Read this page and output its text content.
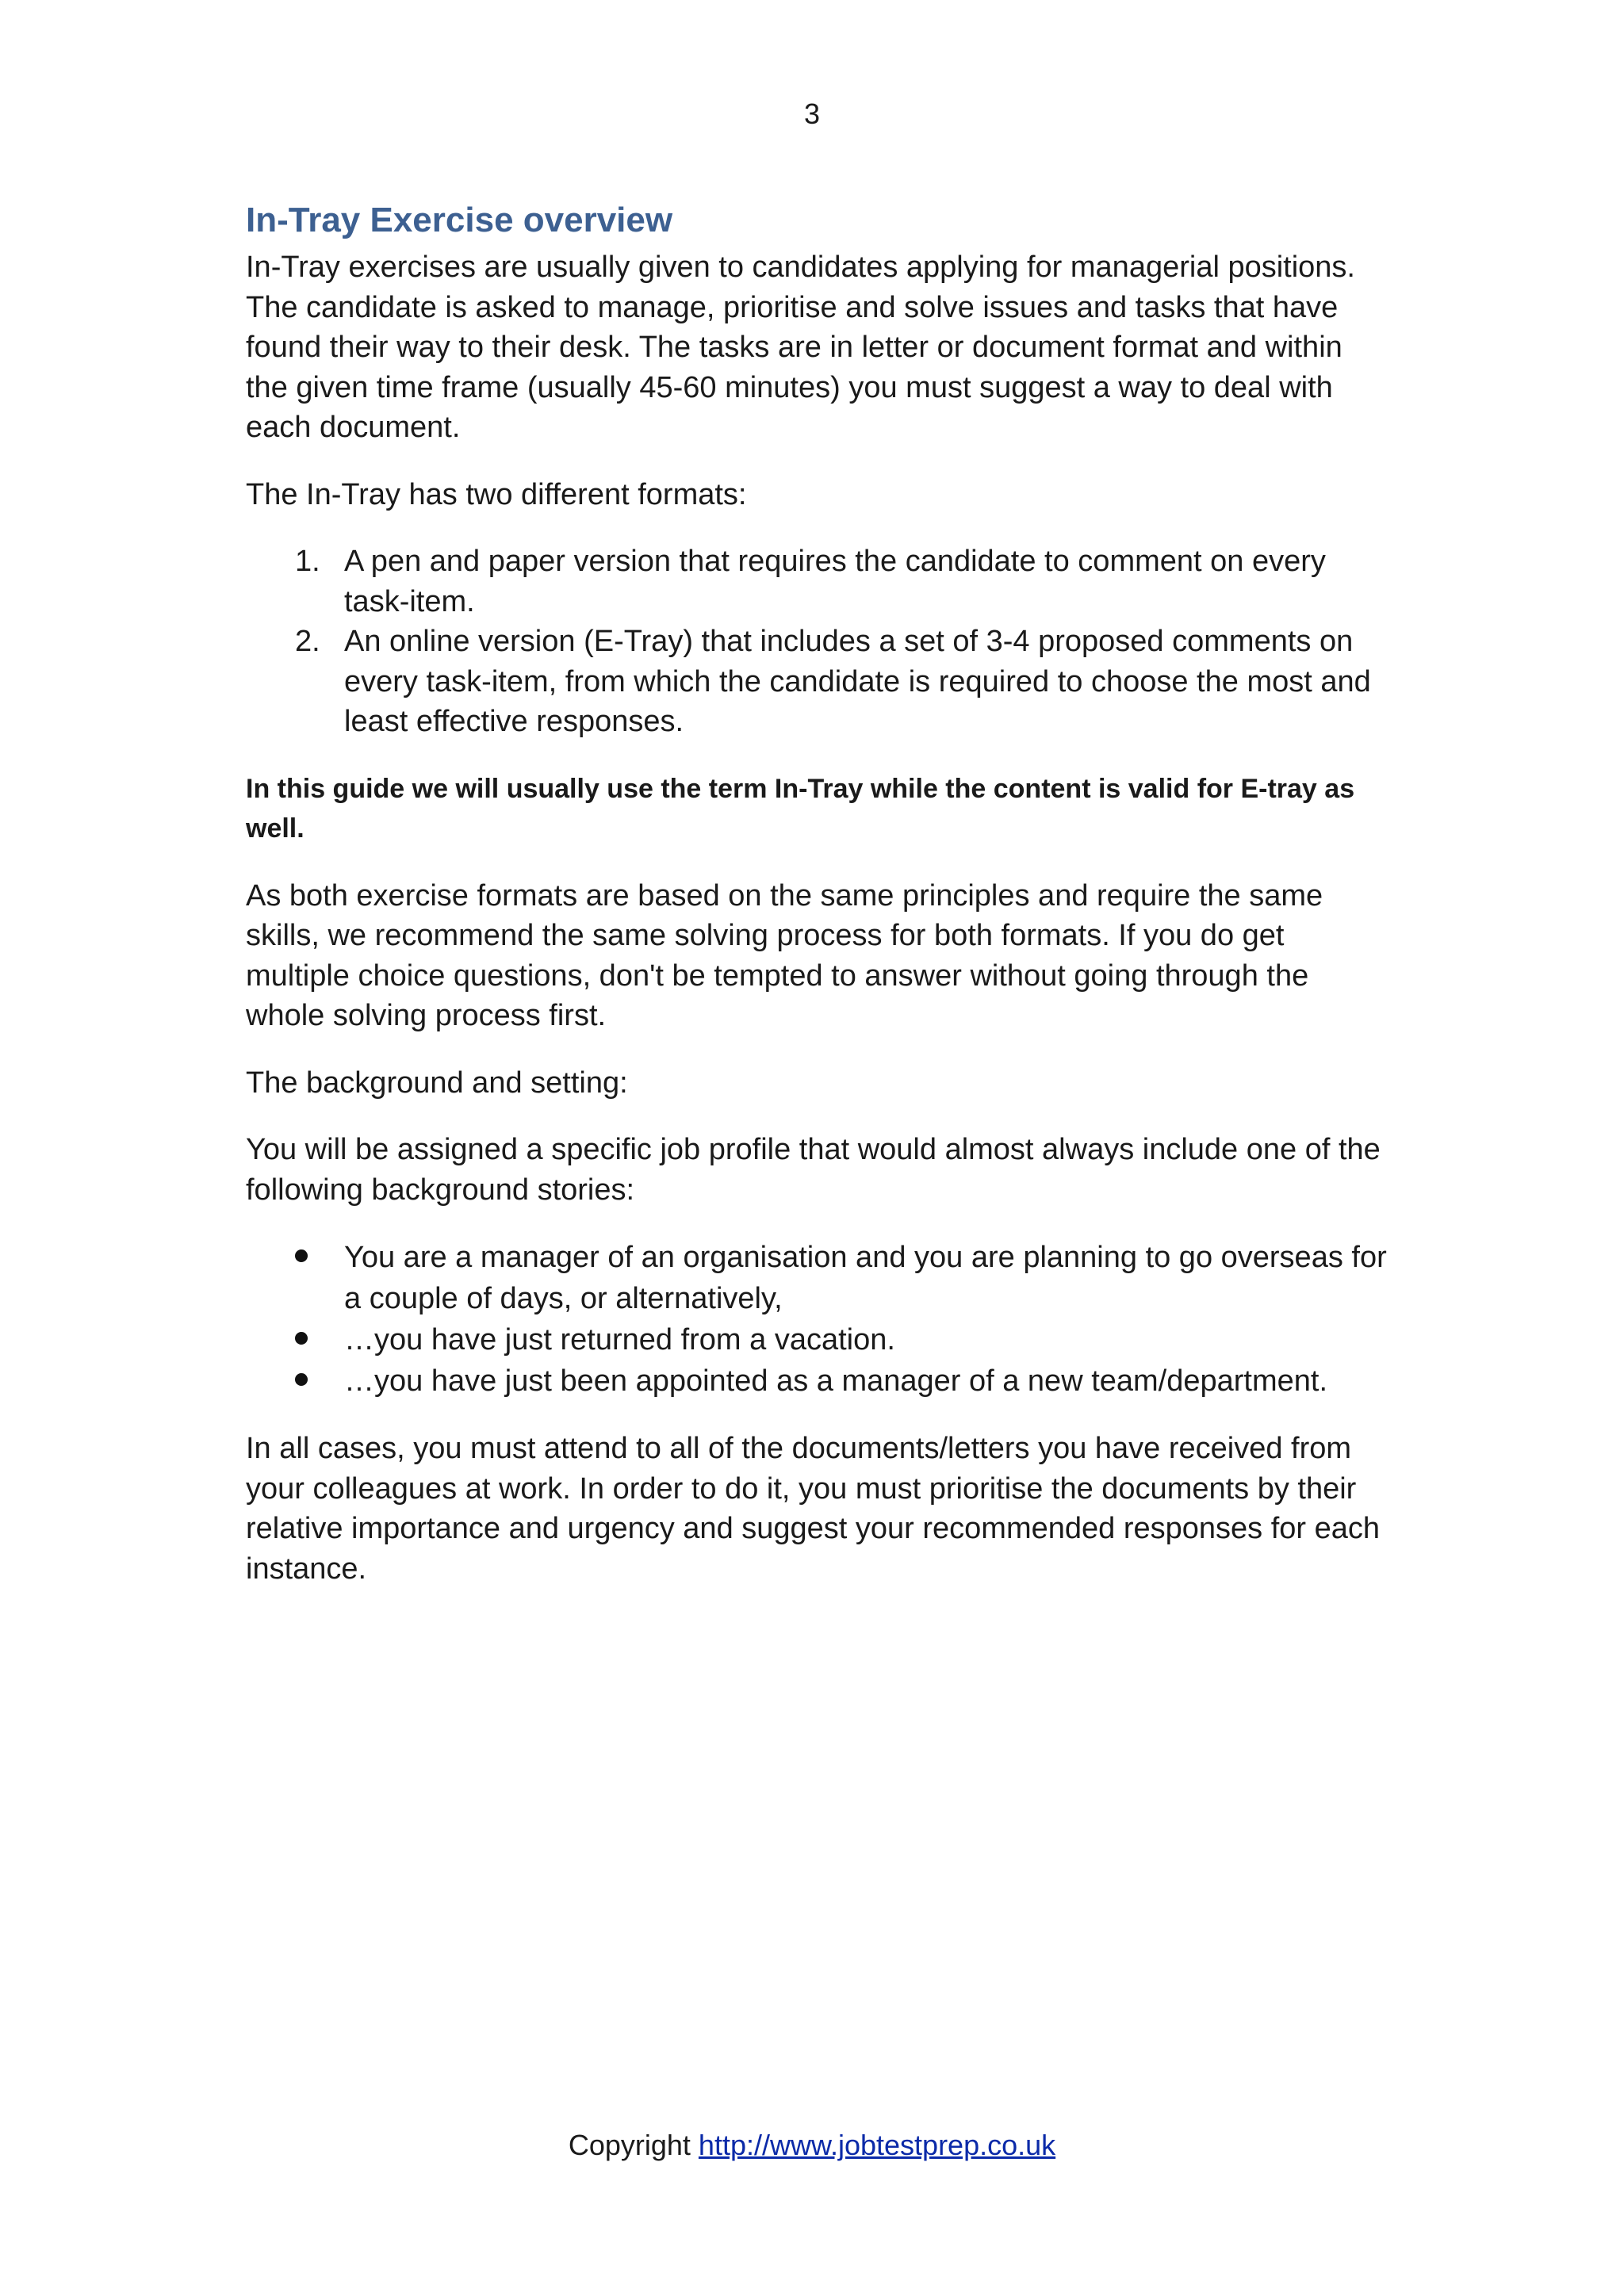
3
In-Tray Exercise overview

In-Tray exercises are usually given to candidates applying for managerial positions. The candidate is asked to manage, prioritise and solve issues and tasks that have found their way to their desk. The tasks are in letter or document format and within the given time frame (usually 45-60 minutes) you must suggest a way to deal with each document.

The In-Tray has two different formats:

1. A pen and paper version that requires the candidate to comment on every task-item.
2. An online version (E-Tray) that includes a set of 3-4 proposed comments on every task-item, from which the candidate is required to choose the most and least effective responses.

In this guide we will usually use the term In-Tray while the content is valid for E-tray as well.

As both exercise formats are based on the same principles and require the same skills, we recommend the same solving process for both formats. If you do get multiple choice questions, don't be tempted to answer without going through the whole solving process first.

The background and setting:

You will be assigned a specific job profile that would almost always include one of the following background stories:

You are a manager of an organisation and you are planning to go overseas for a couple of days, or alternatively,
…you have just returned from a vacation.
…you have just been appointed as a manager of a new team/department.

In all cases, you must attend to all of the documents/letters you have received from your colleagues at work. In order to do it, you must prioritise the documents by their relative importance and urgency and suggest your recommended responses for each instance.

Copyright http://www.jobtestprep.co.uk
